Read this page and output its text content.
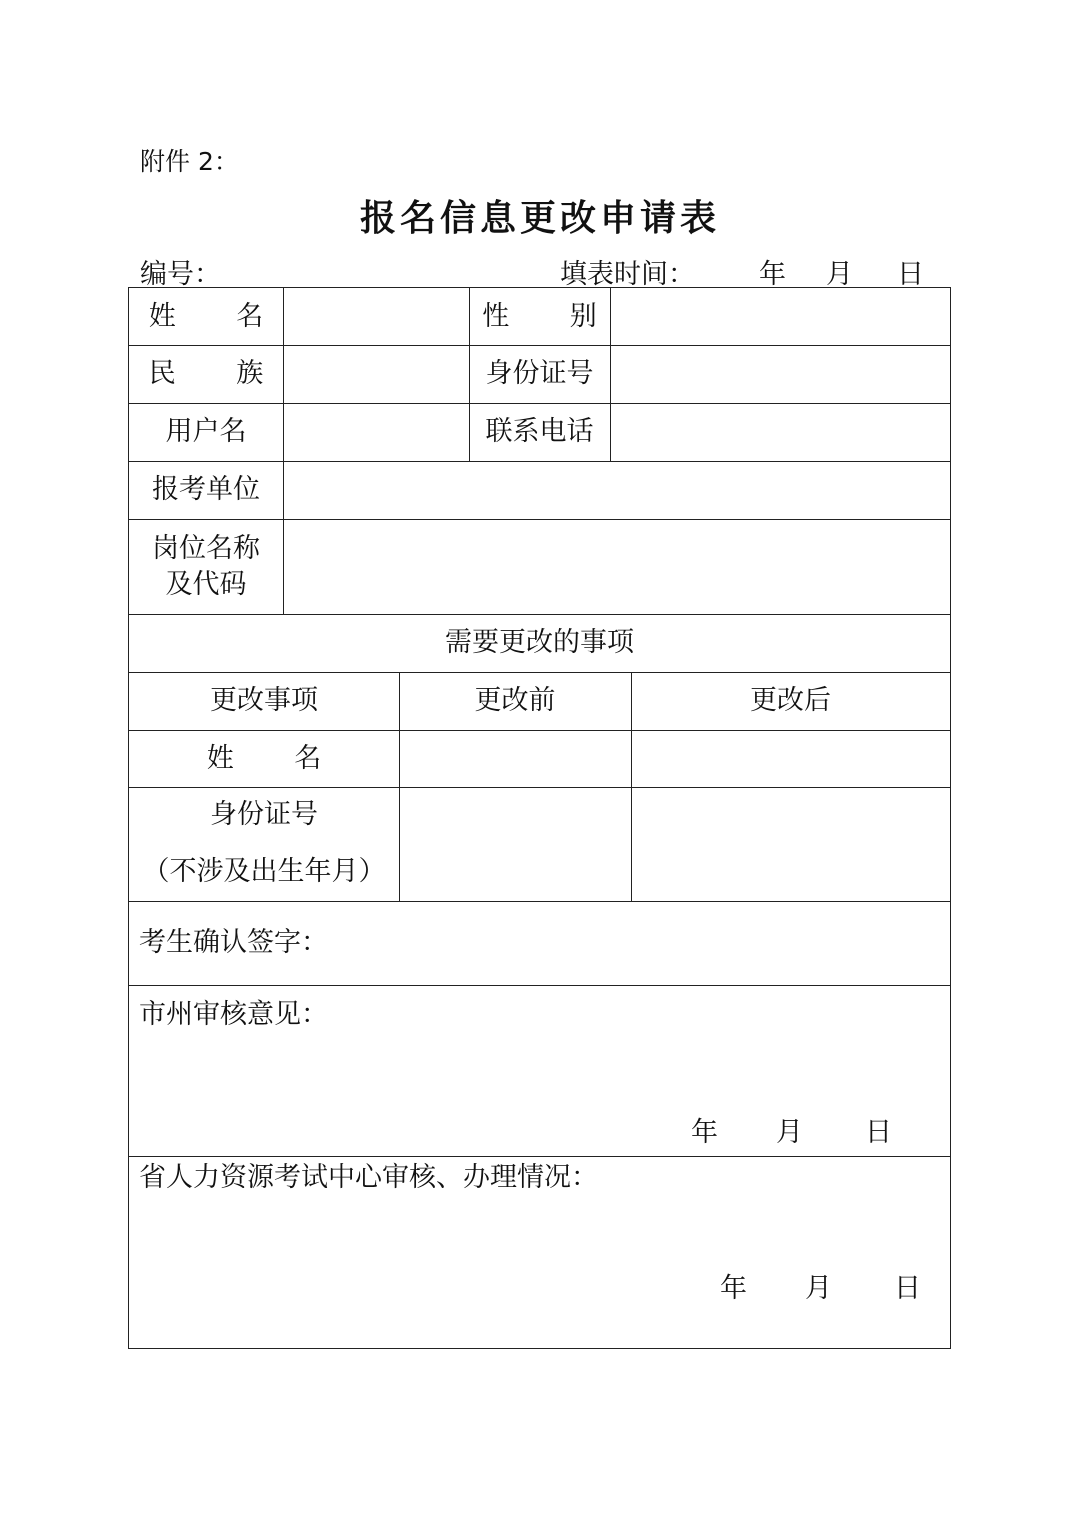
附件 2：
报名信息更改申请表
编号：	填表时间： 年 月 日
姓 名	性 别
民 族	身份证号
用户名	联系电话
报考单位
岗位名称
及代码
需要更改的事项
更改事项	更改前	更改后
姓 名
身份证号
（不涉及出生年月）
考生确认签字：
市州审核意见：
年 月 日
省人力资源考试中心审核、办理情况：
年 月 日
